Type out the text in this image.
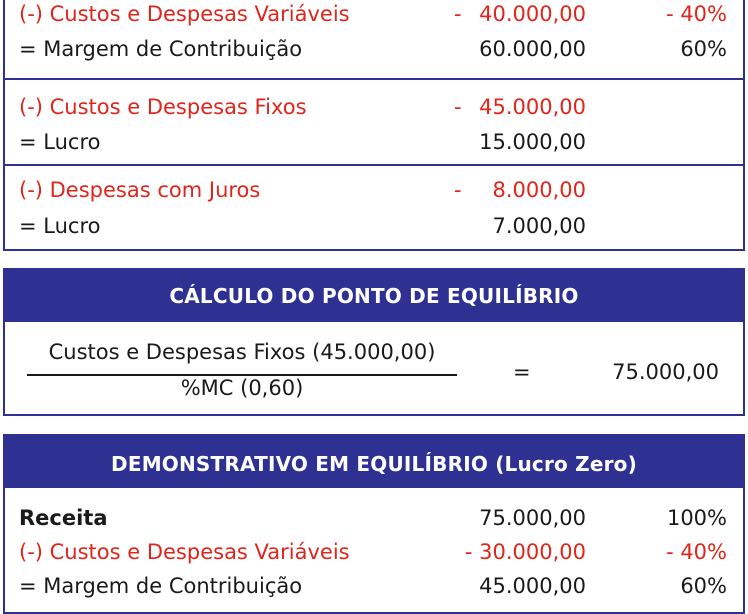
(-) Custos e Despesas Variáveis	- 40.000,00	- 40%
= Margem de Contribuição	60.000,00	60%
(-) Custos e Despesas Fixos	- 45.000,00
= Lucro	15.000,00
(-) Despesas com Juros	- 8.000,00
= Lucro	7.000,00
CÁLCULO DO PONTO DE EQUILÍBRIO
Custos e Despesas Fixos (45.000,00)
%MC (0,60)
=	75.000,00
DEMONSTRATIVO EM EQUILÍBRIO (Lucro Zero)
Receita	75.000,00	100%
(-) Custos e Despesas Variáveis	- 30.000,00	- 40%
= Margem de Contribuição	45.000,00	60%
